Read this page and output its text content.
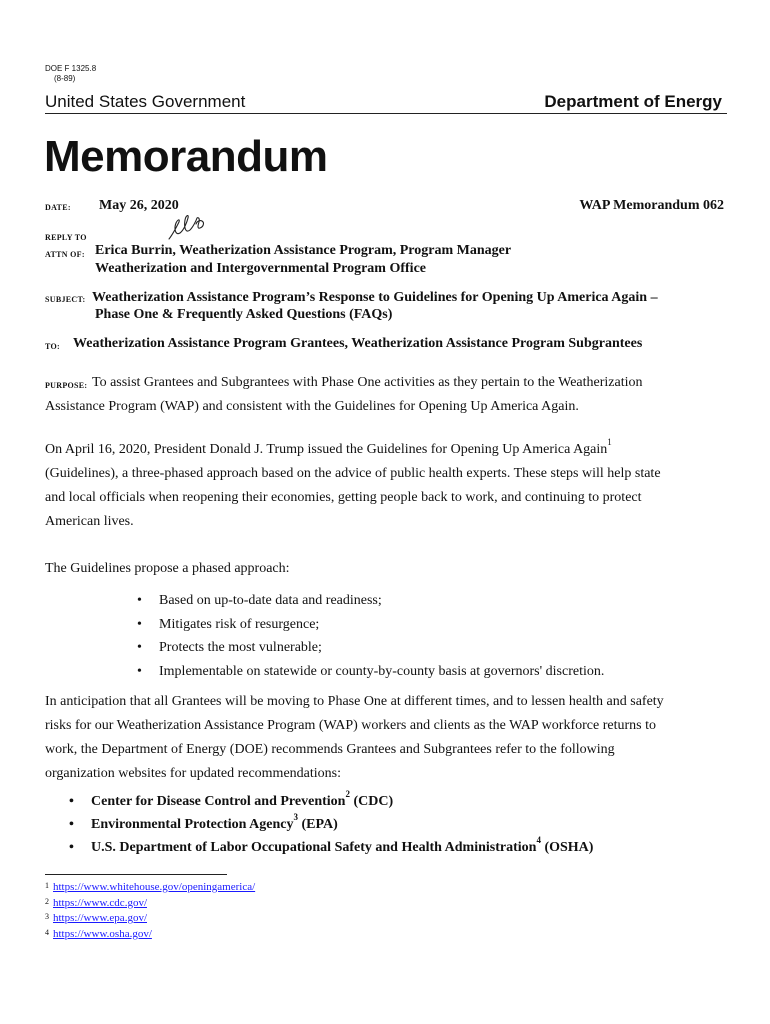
DOE F 1325.8
(8-89)
United States Government	Department of Energy
Memorandum
DATE: May 26, 2020	WAP Memorandum 062
REPLY TO
ATTN OF: Erica Burrin, Weatherization Assistance Program, Program Manager
Weatherization and Intergovernmental Program Office
SUBJECT: Weatherization Assistance Program’s Response to Guidelines for Opening Up America Again –
Phase One & Frequently Asked Questions (FAQs)
TO: Weatherization Assistance Program Grantees, Weatherization Assistance Program Subgrantees
PURPOSE: To assist Grantees and Subgrantees with Phase One activities as they pertain to the Weatherization
Assistance Program (WAP) and consistent with the Guidelines for Opening Up America Again.
On April 16, 2020, President Donald J. Trump issued the Guidelines for Opening Up America Again$^1$
(Guidelines), a three-phased approach based on the advice of public health experts. These steps will help state
and local officials when reopening their economies, getting people back to work, and continuing to protect
American lives.
The Guidelines propose a phased approach:
• Based on up-to-date data and readiness;
• Mitigates risk of resurgence;
• Protects the most vulnerable;
• Implementable on statewide or county-by-county basis at governors' discretion.
In anticipation that all Grantees will be moving to Phase One at different times, and to lessen health and safety
risks for our Weatherization Assistance Program (WAP) workers and clients as the WAP workforce returns to
work, the Department of Energy (DOE) recommends Grantees and Subgrantees refer to the following
organization websites for updated recommendations:
• Center for Disease Control and Prevention$^2$ (CDC)
• Environmental Protection Agency$^3$ (EPA)
• U.S. Department of Labor Occupational Safety and Health Administration$^4$ (OSHA)
1 https://www.whitehouse.gov/openingamerica/
2 https://www.cdc.gov/
3 https://www.epa.gov/
4 https://www.osha.gov/
